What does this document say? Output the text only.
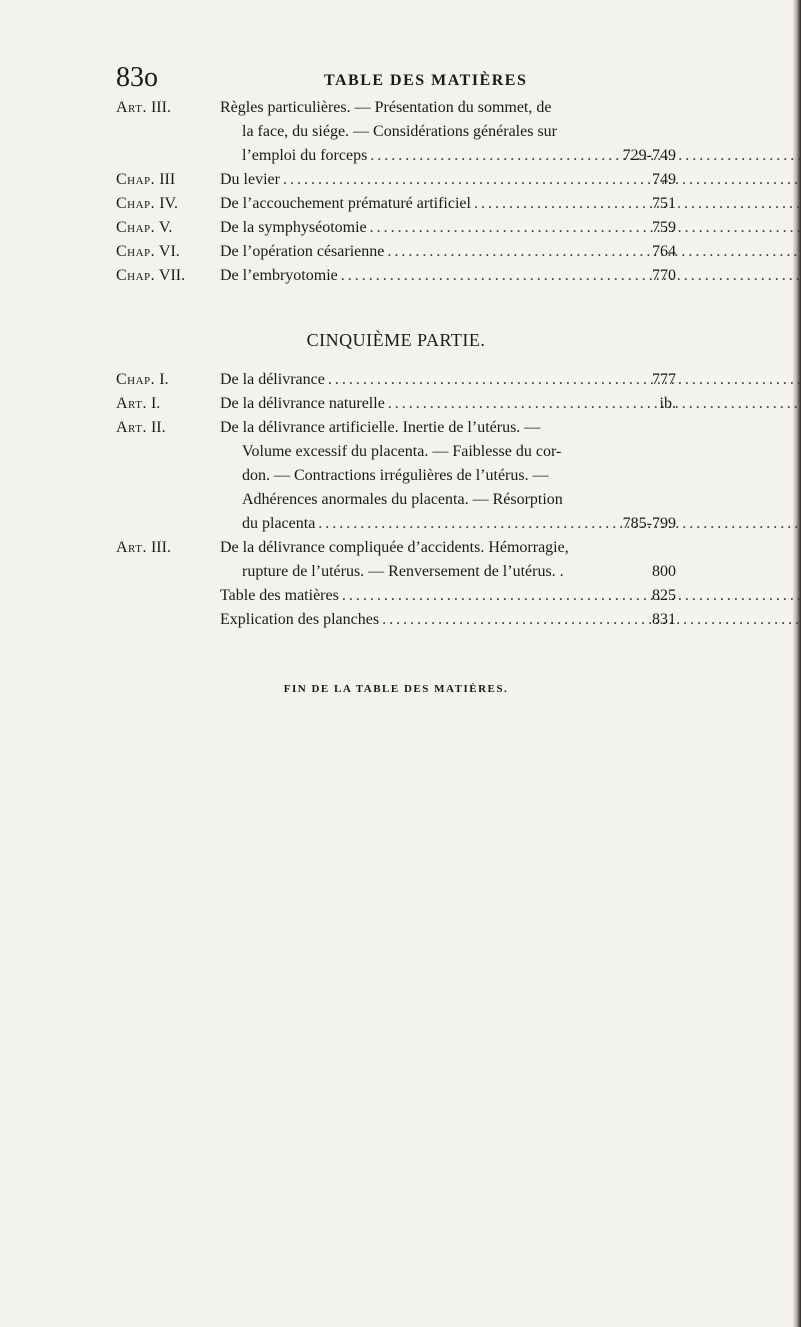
83o	TABLE DES MATIÈRES
Art. III.	Règles particulières. — Présentation du sommet, de
la face, du siége. — Considérations générales sur
l’emploi du forceps .....	729-749
Chap. III	Du levier .....	749
Chap. IV.	De l’accouchement prématuré artificiel .....	751
Chap. V.	De la symphyséotomie .....	759
Chap. VI.	De l’opération césarienne .....	764
Chap. VII.	De l’embryotomie .....	770
CINQUIÈME PARTIE.
Chap. I.	De la délivrance .....	777
Art. I.	De la délivrance naturelle .....	ib.
Art. II.	De la délivrance artificielle. Inertie de l’utérus. —
Volume excessif du placenta. — Faiblesse du cor-
don. — Contractions irrégulières de l’utérus. —
Adhérences anormales du placenta. — Résorption
du placenta .....	785-799
Art. III.	De la délivrance compliquée d’accidents. Hémorragie,
rupture de l’utérus. — Renversement de l’utérus. .	800
Table des matières .....	825
Explication des planches .....	831
FIN DE LA TABLE DES MATIÈRES.
